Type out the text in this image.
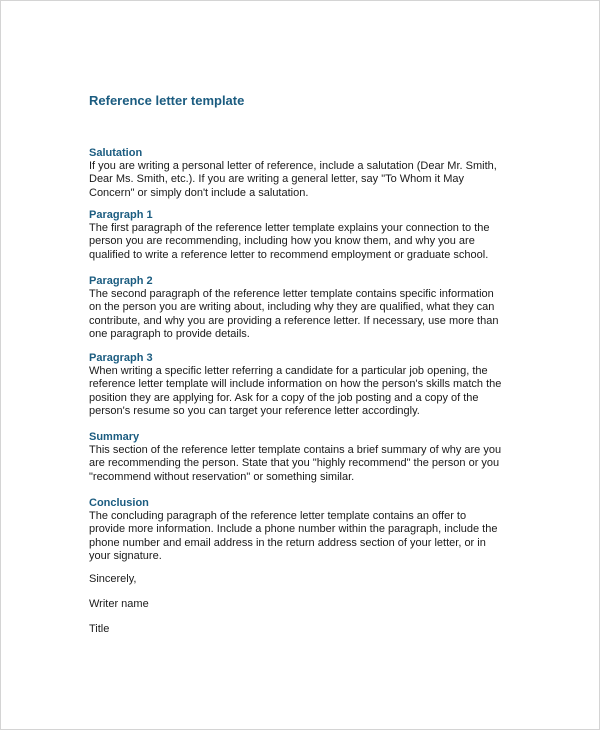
Reference letter template
Salutation
If you are writing a personal letter of reference, include a salutation (Dear Mr. Smith,
Dear Ms. Smith, etc.). If you are writing a general letter, say "To Whom it May
Concern" or simply don't include a salutation.
Paragraph 1
The first paragraph of the reference letter template explains your connection to the
person you are recommending, including how you know them, and why you are
qualified to write a reference letter to recommend employment or graduate school.
Paragraph 2
The second paragraph of the reference letter template contains specific information
on the person you are writing about, including why they are qualified, what they can
contribute, and why you are providing a reference letter. If necessary, use more than
one paragraph to provide details.
Paragraph 3
When writing a specific letter referring a candidate for a particular job opening, the
reference letter template will include information on how the person's skills match the
position they are applying for. Ask for a copy of the job posting and a copy of the
person's resume so you can target your reference letter accordingly.
Summary
This section of the reference letter template contains a brief summary of why are you
are recommending the person. State that you "highly recommend" the person or you
"recommend without reservation" or something similar.
Conclusion
The concluding paragraph of the reference letter template contains an offer to
provide more information. Include a phone number within the paragraph, include the
phone number and email address in the return address section of your letter, or in
your signature.
Sincerely,
Writer name
Title
